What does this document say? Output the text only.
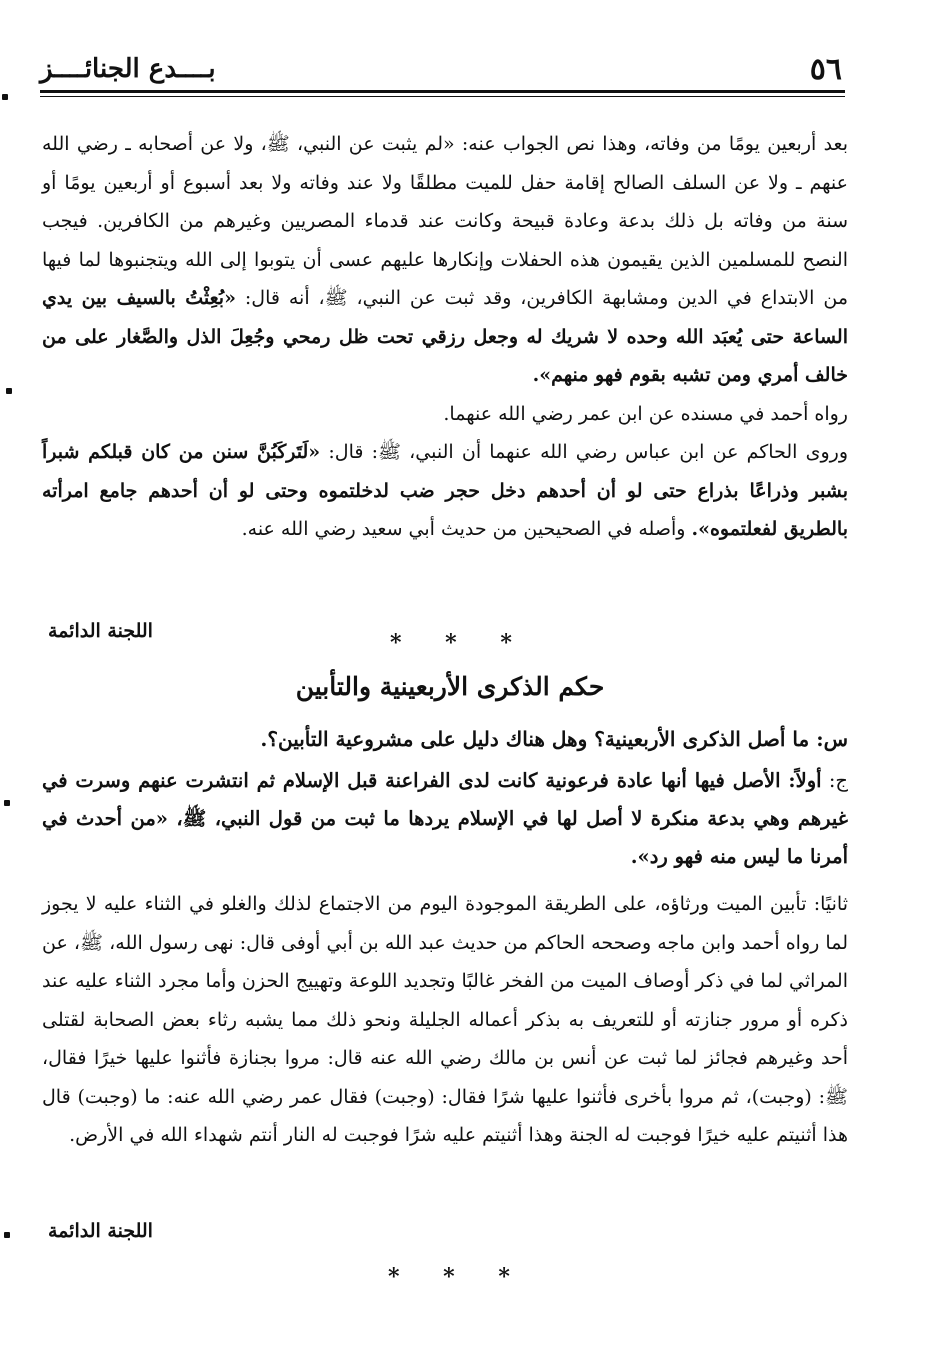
٥٦
بــــدع الجنائــــز

بعد أربعين يومًا من وفاته، وهذا نص الجواب عنه: «لم يثبت عن النبي، ﷺ، ولا عن أصحابه ـ رضي الله عنهم ـ ولا عن السلف الصالح إقامة حفل للميت مطلقًا ولا عند وفاته ولا بعد أسبوع أو أربعين يومًا أو سنة من وفاته بل ذلك بدعة وعادة قبيحة وكانت عند قدماء المصريين وغيرهم من الكافرين. فيجب النصح للمسلمين الذين يقيمون هذه الحفلات وإنكارها عليهم عسى أن يتوبوا إلى الله ويتجنبوها لما فيها من الابتداع في الدين ومشابهة الكافرين، وقد ثبت عن النبي، ﷺ، أنه قال: «بُعِثْتُ بالسيف بين يدي الساعة حتى يُعبَد الله وحده لا شريك له وجعل رزقي تحت ظل رمحي وجُعِلَ الذل والصَّغار على من خالف أمري ومن تشبه بقوم فهو منهم».

رواه أحمد في مسنده عن ابن عمر رضي الله عنهما.

وروى الحاكم عن ابن عباس رضي الله عنهما أن النبي، ﷺ: قال: «لَتَركَبُنَّ سنن من كان قبلكم شبراً بشبر وذراعًا بذراع حتى لو أن أحدهم دخل حجر ضب لدخلتموه وحتى لو أن أحدهم جامع امرأته بالطريق لفعلتموه». وأصله في الصحيحين من حديث أبي سعيد رضي الله عنه.

اللجنة الدائمة	* * *
حكم الذكرى الأربعينية والتأبين
س: ما أصل الذكرى الأربعينية؟ وهل هناك دليل على مشروعية التأبين؟.
ج: أولاً: الأصل فيها أنها عادة فرعونية كانت لدى الفراعنة قبل الإسلام ثم انتشرت عنهم وسرت في غيرهم وهي بدعة منكرة لا أصل لها في الإسلام يردها ما ثبت من قول النبي، ﷺ، «من أحدث في أمرنا ما ليس منه فهو رد».
ثانيًا: تأبين الميت ورثاؤه، على الطريقة الموجودة اليوم من الاجتماع لذلك والغلو في الثناء عليه لا يجوز لما رواه أحمد وابن ماجه وصححه الحاكم من حديث عبد الله بن أبي أوفى قال: نهى رسول الله، ﷺ، عن المراثي لما في ذكر أوصاف الميت من الفخر غالبًا وتجديد اللوعة وتهييج الحزن وأما مجرد الثناء عليه عند ذكره أو مرور جنازته أو للتعريف به بذكر أعماله الجليلة ونحو ذلك مما يشبه رثاء بعض الصحابة لقتلى أحد وغيرهم فجائز لما ثبت عن أنس بن مالك رضي الله عنه قال: مروا بجنازة فأثنوا عليها خيرًا فقال، ﷺ: (وجبت)، ثم مروا بأخرى فأثنوا عليها شرًا فقال: (وجبت) فقال عمر رضي الله عنه: ما (وجبت) قال هذا أثنيتم عليه خيرًا فوجبت له الجنة وهذا أثنيتم عليه شرًا فوجبت له النار أنتم شهداء الله في الأرض.
اللجنة الدائمة
* * *
